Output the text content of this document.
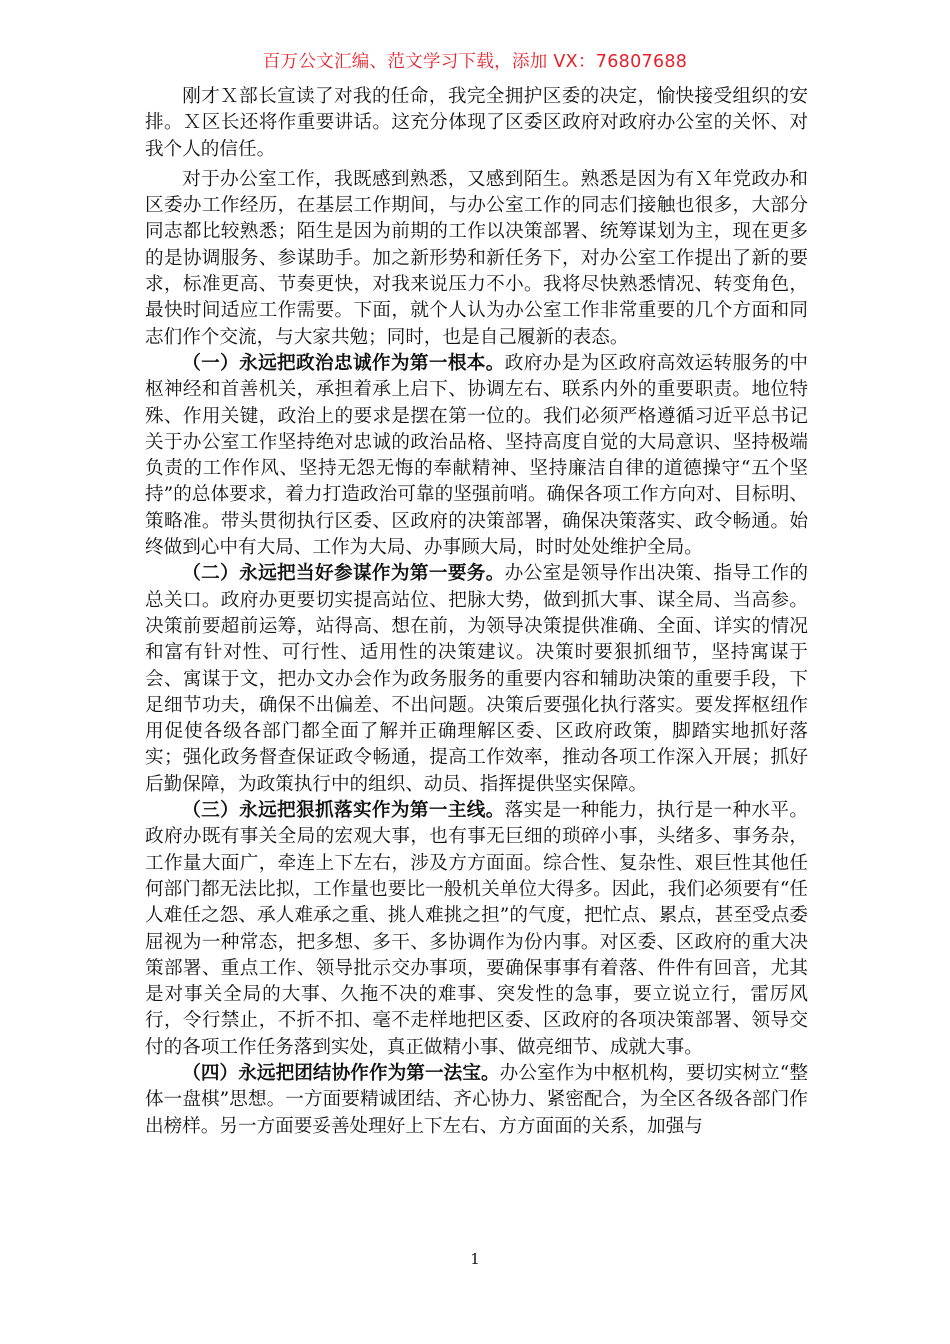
百万公文汇编、范文学习下载，添加 VX：76807688

刚才Ｘ部长宣读了对我的任命，我完全拥护区委的决定，愉快接受组织的安排。Ｘ区长还将作重要讲话。这充分体现了区委区政府对政府办公室的关怀、对我个人的信任。

对于办公室工作，我既感到熟悉，又感到陌生。熟悉是因为有Ｘ年党政办和区委办工作经历，在基层工作期间，与办公室工作的同志们接触也很多，大部分同志都比较熟悉；陌生是因为前期的工作以决策部署、统筹谋划为主，现在更多的是协调服务、参谋助手。加之新形势和新任务下，对办公室工作提出了新的要求，标准更高、节奏更快，对我来说压力不小。我将尽快熟悉情况、转变角色，最快时间适应工作需要。下面，就个人认为办公室工作非常重要的几个方面和同志们作个交流，与大家共勉；同时，也是自己履新的表态。

（一）永远把政治忠诚作为第一根本。政府办是为区政府高效运转服务的中枢神经和首善机关，承担着承上启下、协调左右、联系内外的重要职责。地位特殊、作用关键，政治上的要求是摆在第一位的。我们必须严格遵循习近平总书记关于办公室工作坚持绝对忠诚的政治品格、坚持高度自觉的大局意识、坚持极端负责的工作作风、坚持无怨无悔的奉献精神、坚持廉洁自律的道德操守“五个坚持”的总体要求，着力打造政治可靠的坚强前哨。确保各项工作方向对、目标明、策略准。带头贯彻执行区委、区政府的决策部署，确保决策落实、政令畅通。始终做到心中有大局、工作为大局、办事顾大局，时时处处维护全局。

（二）永远把当好参谋作为第一要务。办公室是领导作出决策、指导工作的总关口。政府办更要切实提高站位、把脉大势，做到抓大事、谋全局、当高参。决策前要超前运筹，站得高、想在前，为领导决策提供准确、全面、详实的情况和富有针对性、可行性、适用性的决策建议。决策时要狠抓细节，坚持寓谋于会、寓谋于文，把办文办会作为政务服务的重要内容和辅助决策的重要手段，下足细节功夫，确保不出偏差、不出问题。决策后要强化执行落实。要发挥枢纽作用促使各级各部门都全面了解并正确理解区委、区政府政策，脚踏实地抓好落实；强化政务督查保证政令畅通，提高工作效率，推动各项工作深入开展；抓好后勤保障，为政策执行中的组织、动员、指挥提供坚实保障。

（三）永远把狠抓落实作为第一主线。落实是一种能力，执行是一种水平。政府办既有事关全局的宏观大事，也有事无巨细的琐碎小事，头绪多、事务杂，工作量大面广，牵连上下左右，涉及方方面面。综合性、复杂性、艰巨性其他任何部门都无法比拟，工作量也要比一般机关单位大得多。因此，我们必须要有“任人难任之怨、承人难承之重、挑人难挑之担”的气度，把忙点、累点，甚至受点委屈视为一种常态，把多想、多干、多协调作为份内事。对区委、区政府的重大决策部署、重点工作、领导批示交办事项，要确保事事有着落、件件有回音，尤其是对事关全局的大事、久拖不决的难事、突发性的急事，要立说立行，雷厉风行，令行禁止，不折不扣、毫不走样地把区委、区政府的各项决策部署、领导交付的各项工作任务落到实处，真正做精小事、做亮细节、成就大事。

（四）永远把团结协作作为第一法宝。办公室作为中枢机构，要切实树立“整体一盘棋”思想。一方面要精诚团结、齐心协力、紧密配合，为全区各级各部门作出榜样。另一方面要妥善处理好上下左右、方方面面的关系，加强与

1
